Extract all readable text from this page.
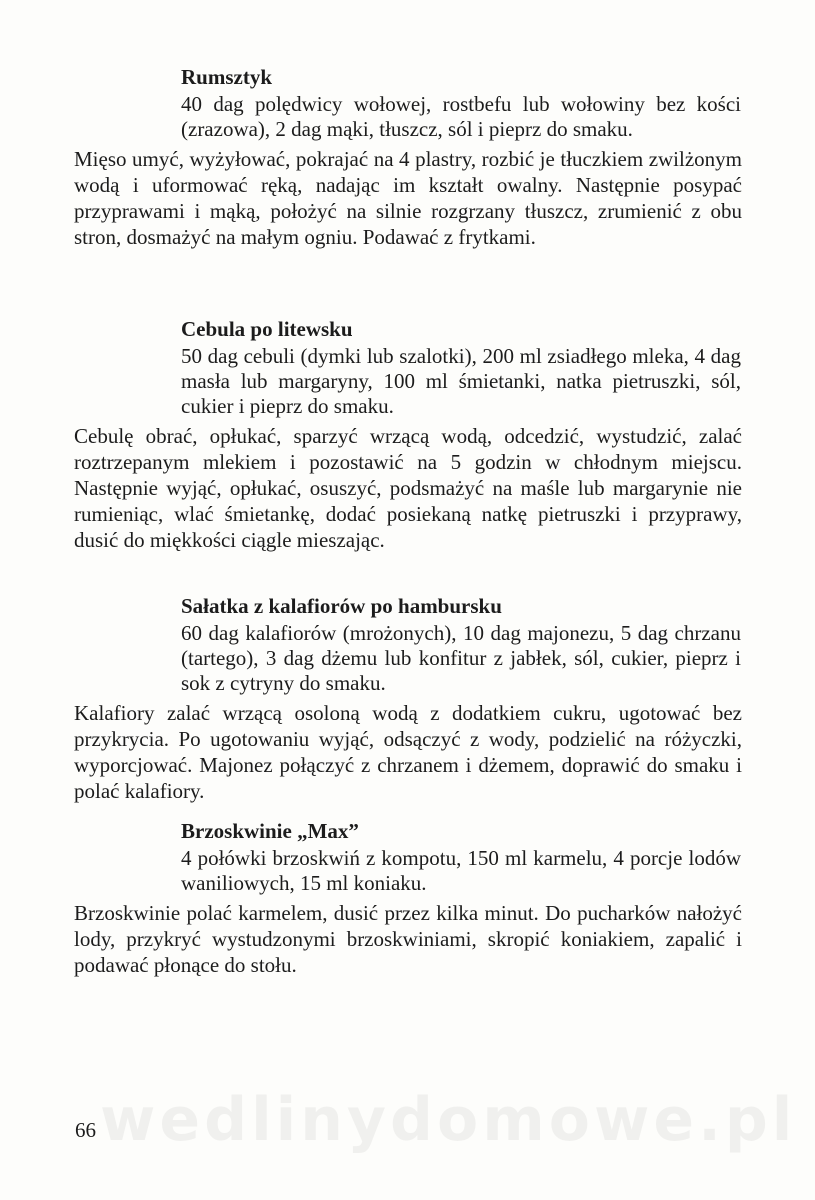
Rumsztyk
40 dag polędwicy wołowej, rostbefu lub wołowiny bez kości (zrazowa), 2 dag mąki, tłuszcz, sól i pieprz do smaku.
Mięso umyć, wyżyłować, pokrajać na 4 plastry, rozbić je tłuczkiem zwilżonym wodą i uformować ręką, nadając im kształt owalny. Następnie posypać przyprawami i mąką, położyć na silnie rozgrzany tłuszcz, zrumienić z obu stron, dosmażyć na małym ogniu. Podawać z frytkami.
Cebula po litewsku
50 dag cebuli (dymki lub szalotki), 200 ml zsiadłego mleka, 4 dag masła lub margaryny, 100 ml śmietanki, natka pietruszki, sól, cukier i pieprz do smaku.
Cebulę obrać, opłukać, sparzyć wrzącą wodą, odcedzić, wystudzić, zalać roztrzepanym mlekiem i pozostawić na 5 godzin w chłodnym miejscu. Następnie wyjąć, opłukać, osuszyć, podsmażyć na maśle lub margarynie nie rumieniąc, wlać śmietankę, dodać posiekaną natkę pietruszki i przyprawy, dusić do miękkości ciągle mieszając.
Sałatka z kalafiorów po hambursku
60 dag kalafiorów (mrożonych), 10 dag majonezu, 5 dag chrzanu (tartego), 3 dag dżemu lub konfitur z jabłek, sól, cukier, pieprz i sok z cytryny do smaku.
Kalafiory zalać wrzącą osoloną wodą z dodatkiem cukru, ugotować bez przykrycia. Po ugotowaniu wyjąć, odsączyć z wody, podzielić na różyczki, wyporcjować. Majonez połączyć z chrzanem i dżemem, doprawić do smaku i polać kalafiory.
Brzoskwinie „Max”
4 połówki brzoskwiń z kompotu, 150 ml karmelu, 4 porcje lodów waniliowych, 15 ml koniaku.
Brzoskwinie polać karmelem, dusić przez kilka minut. Do pucharków nałożyć lody, przykryć wystudzonymi brzoskwiniami, skropić koniakiem, zapalić i podawać płonące do stołu.
wedlinydomowe.pl
66
